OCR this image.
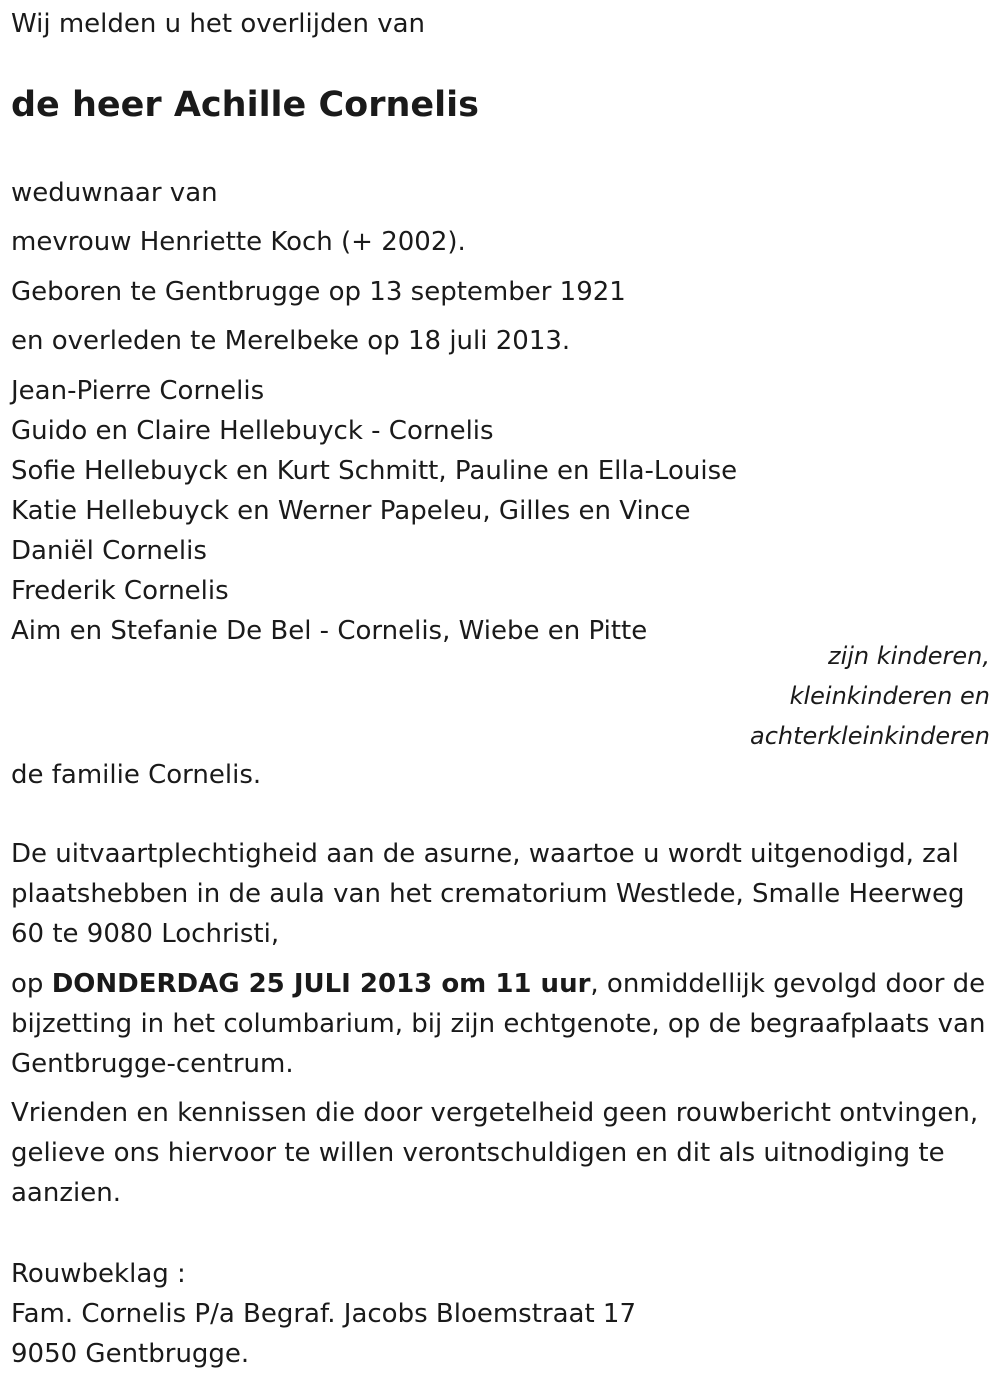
Wij melden u het overlijden van

de heer Achille Cornelis

weduwnaar van

mevrouw Henriette Koch (+ 2002).

Geboren te Gentbrugge op 13 september 1921

en overleden te Merelbeke op 18 juli 2013.

Jean-Pierre Cornelis
Guido en Claire Hellebuyck - Cornelis
Sofie Hellebuyck en Kurt Schmitt, Pauline en Ella-Louise
Katie Hellebuyck en Werner Papeleu, Gilles en Vince
Daniël Cornelis
Frederik Cornelis
Aim en Stefanie De Bel - Cornelis, Wiebe en Pitte
zijn kinderen,
kleinkinderen en
achterkleinkinderen

de familie Cornelis.

De uitvaartplechtigheid aan de asurne, waartoe u wordt uitgenodigd, zal plaatshebben in de aula van het crematorium Westlede, Smalle Heerweg 60 te 9080 Lochristi,

op DONDERDAG 25 JULI 2013 om 11 uur, onmiddellijk gevolgd door de bijzetting in het columbarium, bij zijn echtgenote, op de begraafplaats van Gentbrugge-centrum.

Vrienden en kennissen die door vergetelheid geen rouwbericht ontvingen, gelieve ons hiervoor te willen verontschuldigen en dit als uitnodiging te aanzien.

Rouwbeklag :

Fam. Cornelis P/a Begraf. Jacobs Bloemstraat 17

9050 Gentbrugge.
